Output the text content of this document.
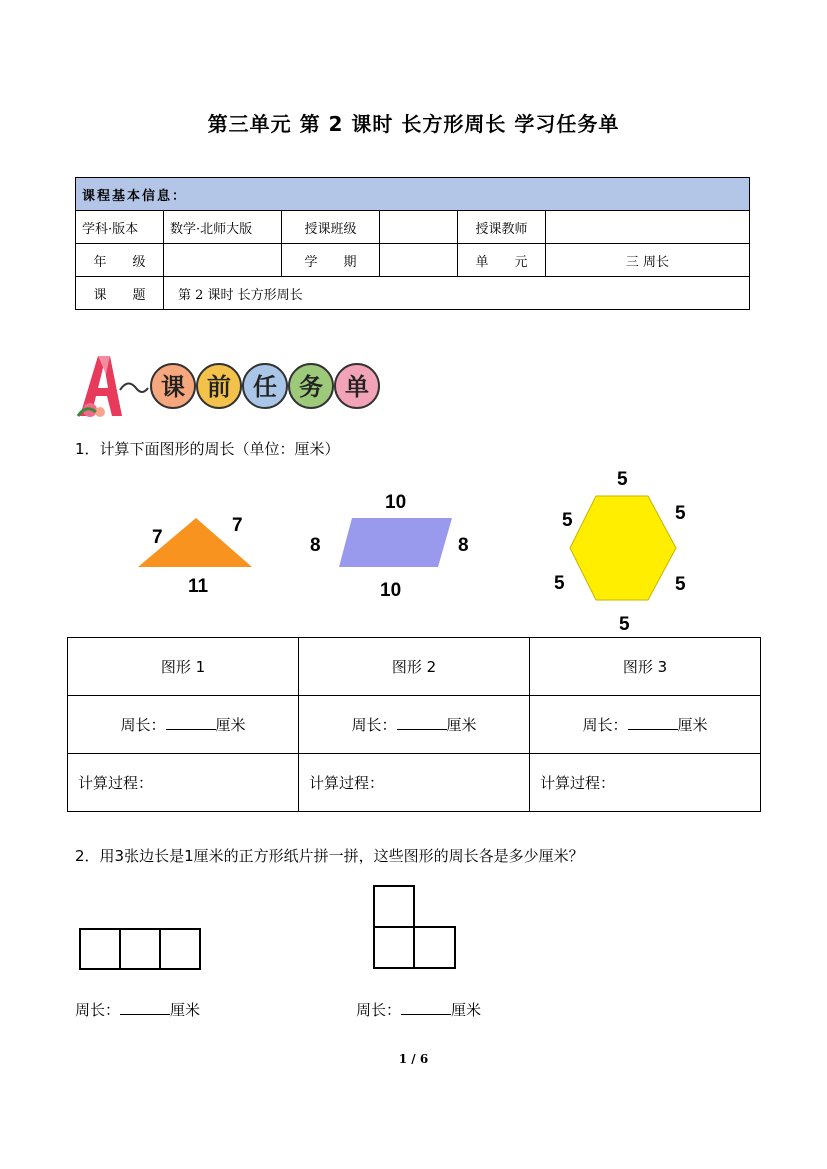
第三单元 第 2 课时 长方形周长 学习任务单
课程基本信息：					
学科·版本	数学·北师大版	授课班级		授课教师	
年　　级		学　　期		单　　元	三 周长
课　　题	第 2 课时 长方形周长				
A
课 前 任 务 单
1．计算下面图形的周长（单位：厘米）
7
7
11
10
10
8	8
5
5	5
5	5
5
图形 1	图形 2	图形 3
周长： 厘米	周长： 厘米	周长： 厘米
计算过程：	计算过程：	计算过程：
2．用3张边长是1厘米的正方形纸片拼一拼，这些图形的周长各是多少厘米？
周长：	厘米	周长：	厘米
1 / 6
